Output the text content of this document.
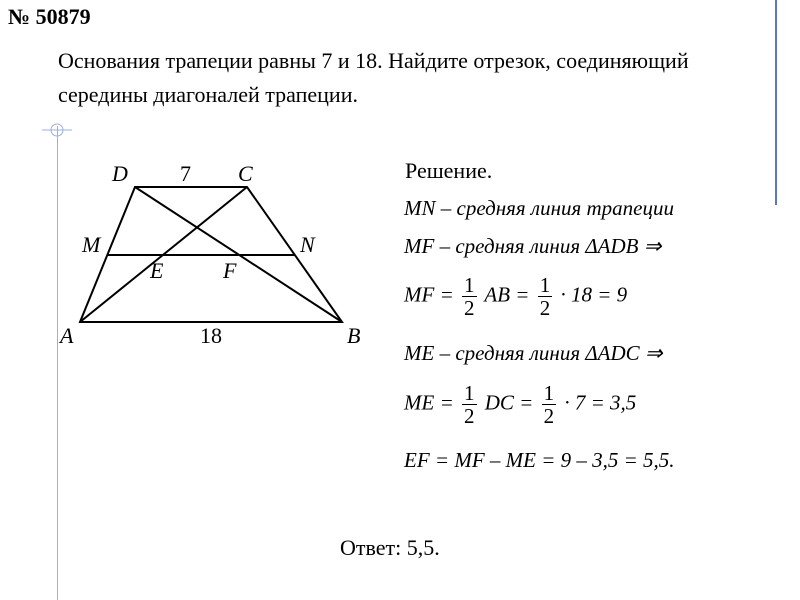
№ 50879
Основания трапеции равны 7 и 18. Найдите отрезок, соединяющий
середины диагоналей трапеции.
D 7 C
M	N
E	F
A	18	B
Решение.
MN – средняя линия трапеции
MF – средняя линия ΔADB ⇒
MF = $\frac{1}{2}$ AB = $\frac{1}{2} \cdot 18 = 9$
ME – средняя линия ΔADC ⇒
ME = $\frac{1}{2}$ DC = $\frac{1}{2} \cdot 7 = 3,5$
EF = MF – ME = 9 – 3,5 = 5,5.
Ответ: 5,5.
